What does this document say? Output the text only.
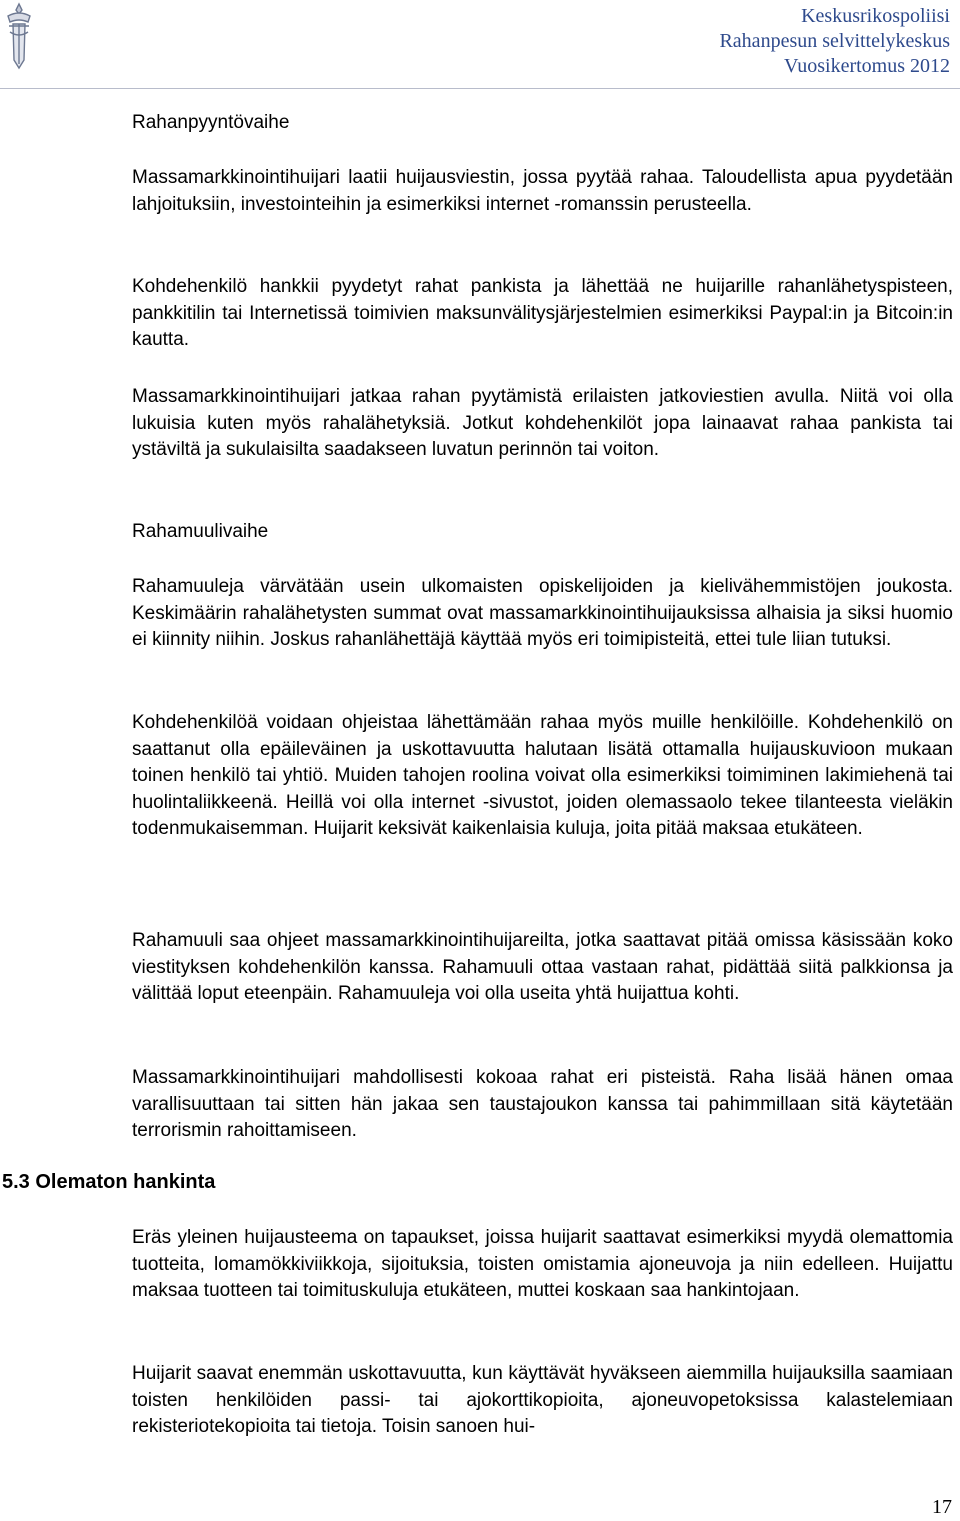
Keskusrikospoliisi
Rahanpesun selvittelykeskus
Vuosikertomus 2012
Rahanpyyntövaihe
Massamarkkinointihuijari laatii huijausviestin, jossa pyytää rahaa. Taloudellista apua pyydetään lahjoituksiin, investointeihin ja esimerkiksi internet -romanssin perusteella.
Kohdehenkilö hankkii pyydetyt rahat pankista ja lähettää ne huijarille rahanlähetyspisteen, pankkitilin tai Internetissä toimivien maksunvälitysjärjestelmien esimerkiksi Paypal:in ja Bitcoin:in kautta.
Massamarkkinointihuijari jatkaa rahan pyytämistä erilaisten jatkoviestien avulla. Niitä voi olla lukuisia kuten myös rahalähetyksiä. Jotkut kohdehenkilöt jopa lainaavat rahaa pankista tai ystäviltä ja sukulaisilta saadakseen luvatun perinnön tai voiton.
Rahamuulivaihe
Rahamuuleja värvätään usein ulkomaisten opiskelijoiden ja kielivähemmistöjen joukosta. Keskimäärin rahalähetysten summat ovat massamarkkinointihuijauksissa alhaisia ja siksi huomio ei kiinnity niihin. Joskus rahanlähettäjä käyttää myös eri toimipisteitä, ettei tule liian tutuksi.
Kohdehenkilöä voidaan ohjeistaa lähettämään rahaa myös muille henkilöille. Kohdehenkilö on saattanut olla epäileväinen ja uskottavuutta halutaan lisätä ottamalla huijauskuvioon mukaan toinen henkilö tai yhtiö. Muiden tahojen roolina voivat olla esimerkiksi toimiminen lakimiehenä tai huolintaliikkeenä. Heillä voi olla internet -sivustot, joiden olemassaolo tekee tilanteesta vieläkin todenmukaisemman. Huijarit keksivät kaikenlaisia kuluja, joita pitää maksaa etukäteen.
Rahamuuli saa ohjeet massamarkkinointihuijareilta, jotka saattavat pitää omissa käsissään koko viestityksen kohdehenkilön kanssa. Rahamuuli ottaa vastaan rahat, pidättää siitä palkkionsa ja välittää loput eteenpäin. Rahamuuleja voi olla useita yhtä huijattua kohti.
Massamarkkinointihuijari mahdollisesti kokoaa rahat eri pisteistä. Raha lisää hänen omaa varallisuuttaan tai sitten hän jakaa sen taustajoukon kanssa tai pahimmillaan sitä käytetään terrorismin rahoittamiseen.
5.3 Olematon hankinta
Eräs yleinen huijausteema on tapaukset, joissa huijarit saattavat esimerkiksi myydä olemattomia tuotteita, lomamökkiviikkoja, sijoituksia, toisten omistamia ajoneuvoja ja niin edelleen. Huijattu maksaa tuotteen tai toimituskuluja etukäteen, muttei koskaan saa hankintojaan.
Huijarit saavat enemmän uskottavuutta, kun käyttävät hyväkseen aiemmilla huijauksilla saamiaan toisten henkilöiden passi- tai ajokorttikopioita, ajoneuvopetoksissa kalastelemiaan rekisteriotekopioita tai tietoja. Toisin sanoen hui-
17
